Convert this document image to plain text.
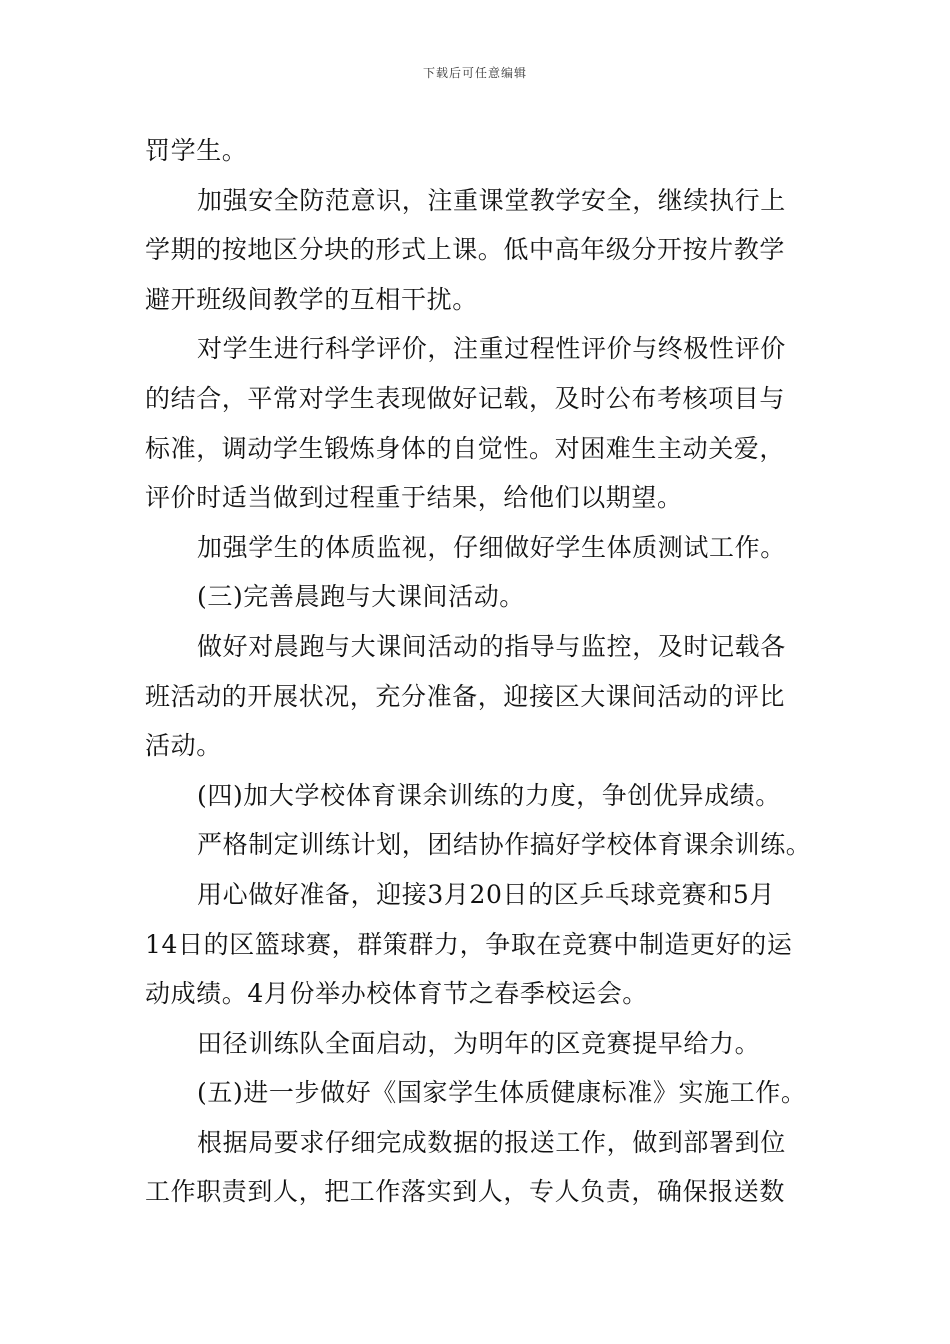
下载后可任意编辑
罚学生。
加强安全防范意识，注重课堂教学安全，继续执行上
学期的按地区分块的形式上课。低中高年级分开按片教学
避开班级间教学的互相干扰。
对学生进行科学评价，注重过程性评价与终极性评价
的结合，平常对学生表现做好记载，及时公布考核项目与
标准，调动学生锻炼身体的自觉性。对困难生主动关爱，
评价时适当做到过程重于结果，给他们以期望。
加强学生的体质监视，仔细做好学生体质测试工作。
(三)完善晨跑与大课间活动。
做好对晨跑与大课间活动的指导与监控，及时记载各
班活动的开展状况，充分准备，迎接区大课间活动的评比
活动。
(四)加大学校体育课余训练的力度，争创优异成绩。
严格制定训练计划，团结协作搞好学校体育课余训练。
用心做好准备，迎接3月20日的区乒乓球竞赛和5月
14日的区篮球赛，群策群力，争取在竞赛中制造更好的运
动成绩。4月份举办校体育节之春季校运会。
田径训练队全面启动，为明年的区竞赛提早给力。
(五)进一步做好《国家学生体质健康标准》实施工作。
根据局要求仔细完成数据的报送工作，做到部署到位
工作职责到人，把工作落实到人，专人负责，确保报送数
